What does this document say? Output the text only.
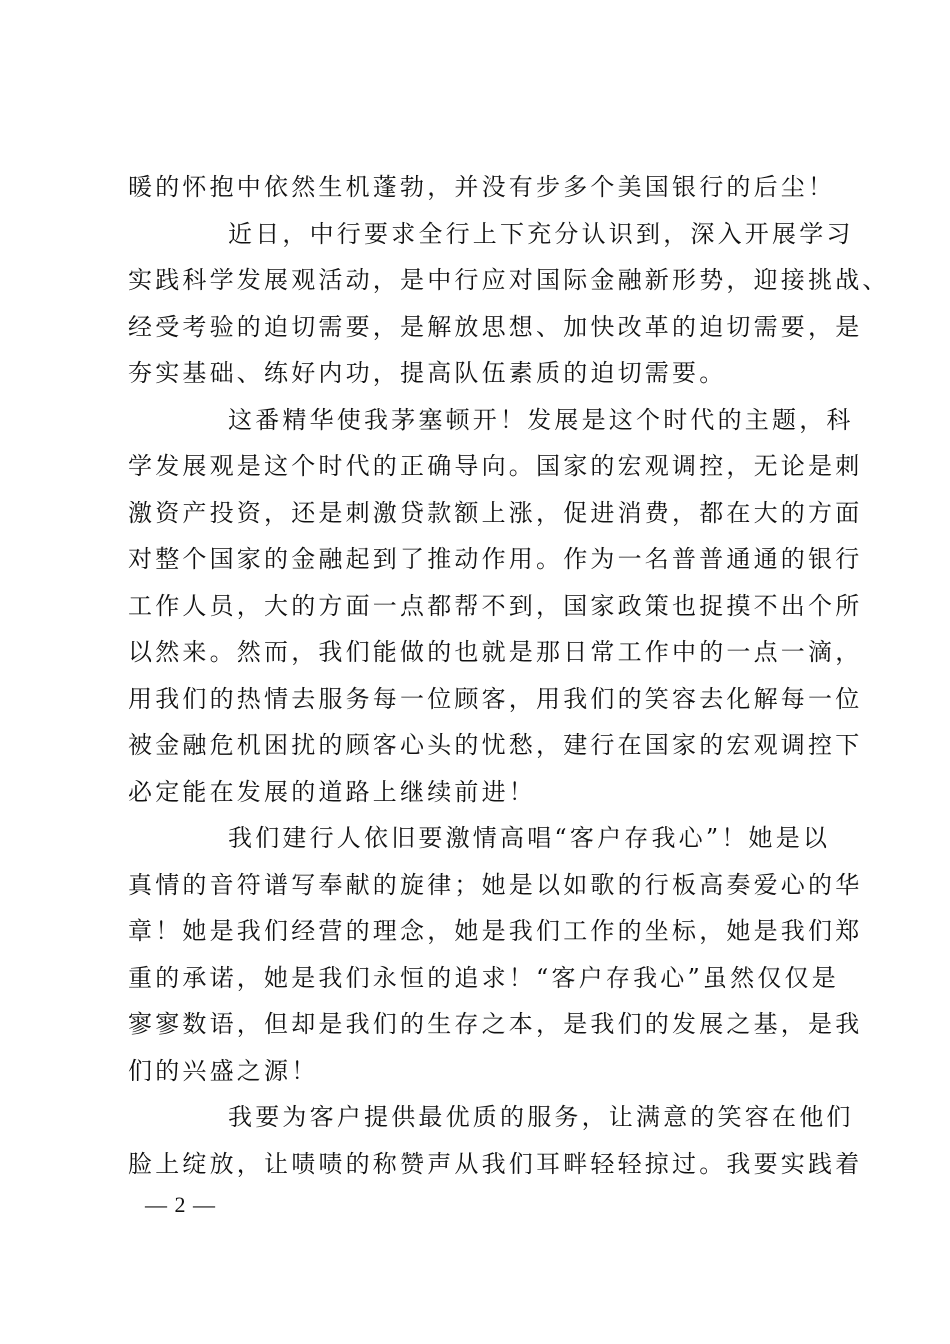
暖的怀抱中依然生机蓬勃，并没有步多个美国银行的后尘！
近日，中行要求全行上下充分认识到，深入开展学习
实践科学发展观活动，是中行应对国际金融新形势，迎接挑战、
经受考验的迫切需要，是解放思想、加快改革的迫切需要，是
夯实基础、练好内功，提高队伍素质的迫切需要。
这番精华使我茅塞顿开！发展是这个时代的主题，科
学发展观是这个时代的正确导向。国家的宏观调控，无论是刺
激资产投资，还是刺激贷款额上涨，促进消费，都在大的方面
对整个国家的金融起到了推动作用。作为一名普普通通的银行
工作人员，大的方面一点都帮不到，国家政策也捉摸不出个所
以然来。然而，我们能做的也就是那日常工作中的一点一滴，
用我们的热情去服务每一位顾客，用我们的笑容去化解每一位
被金融危机困扰的顾客心头的忧愁，建行在国家的宏观调控下
必定能在发展的道路上继续前进！
我们建行人依旧要激情高唱“客户存我心”！她是以
真情的音符谱写奉献的旋律；她是以如歌的行板高奏爱心的华
章！她是我们经营的理念，她是我们工作的坐标，她是我们郑
重的承诺，她是我们永恒的追求！“客户存我心”虽然仅仅是
寥寥数语，但却是我们的生存之本，是我们的发展之基，是我
们的兴盛之源！
我要为客户提供最优质的服务，让满意的笑容在他们
脸上绽放，让啧啧的称赞声从我们耳畔轻轻掠过。我要实践着
— 2 —
